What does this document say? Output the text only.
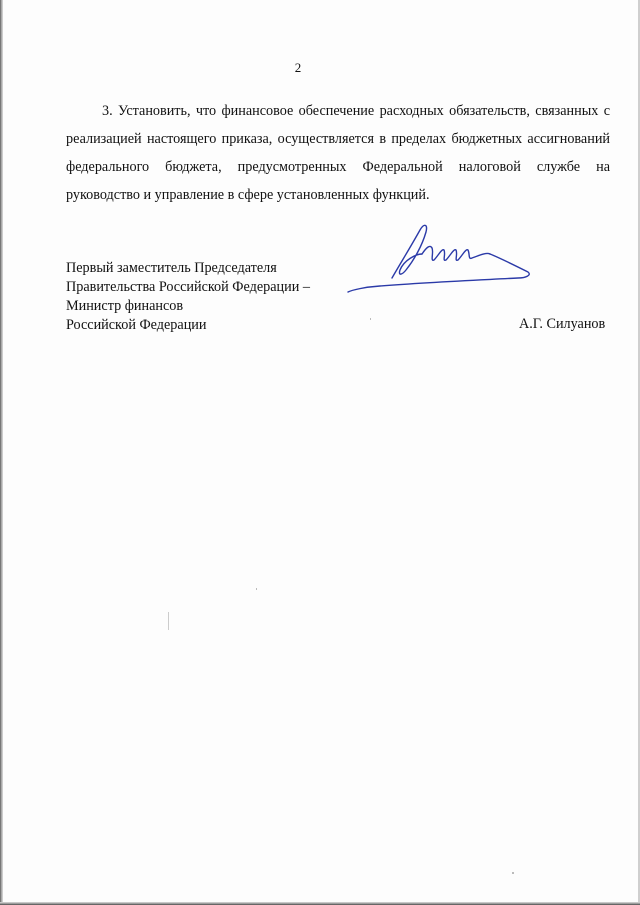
2

3. Установить, что финансовое обеспечение расходных обязательств, связанных с реализацией настоящего приказа, осуществляется в пределах бюджетных ассигнований федерального бюджета, предусмотренных Федеральной налоговой службе на руководство и управление в сфере установленных функций.

Первый заместитель Председателя
Правительства Российской Федерации –
Министр финансов
Российской Федерации	А.Г. Силуанов
